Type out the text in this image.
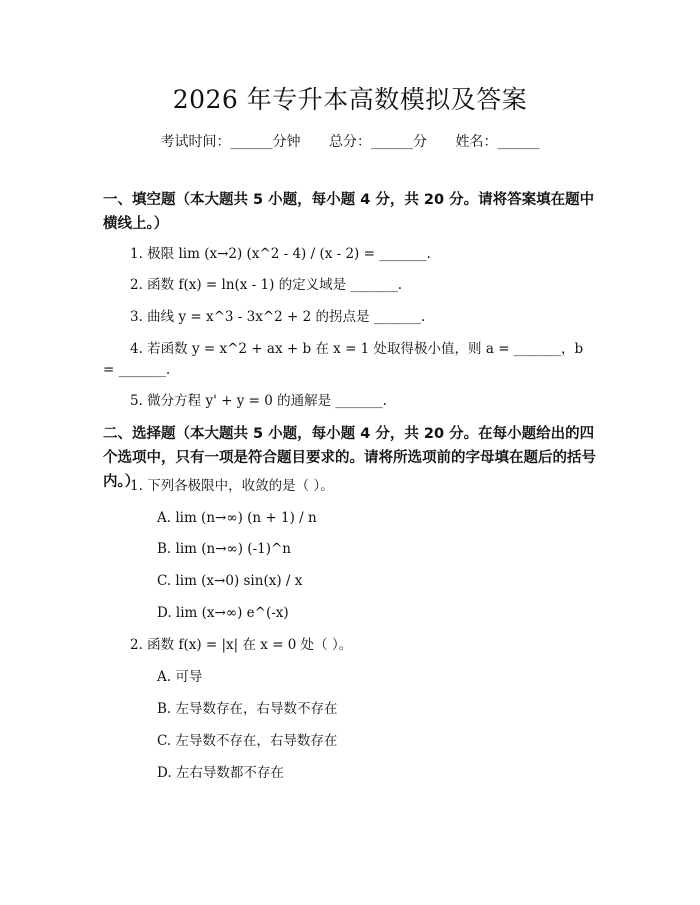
2026 年专升本高数模拟及答案
考试时间：______分钟 总分：______分 姓名：______
一、填空题（本大题共 5 小题，每小题 4 分，共 20 分。请将答案填在题中横线上。）
1. 极限 lim (x→2) (x^2 - 4) / (x - 2) = _______.
2. 函数 f(x) = ln(x - 1) 的定义域是 _______.
3. 曲线 y = x^3 - 3x^2 + 2 的拐点是 _______.
4. 若函数 y = x^2 + ax + b 在 x = 1 处取得极小值，则 a = _______，b
= _______.
5. 微分方程 y' + y = 0 的通解是 _______.
二、选择题（本大题共 5 小题，每小题 4 分，共 20 分。在每小题给出的四个选项中，只有一项是符合题目要求的。请将所选项前的字母填在题后的括号内。）
1. 下列各极限中，收敛的是（ ）。
A. lim (n→∞) (n + 1) / n
B. lim (n→∞) (-1)^n
C. lim (x→0) sin(x) / x
D. lim (x→∞) e^(-x)
2. 函数 f(x) = |x| 在 x = 0 处（ ）。
A. 可导
B. 左导数存在，右导数不存在
C. 左导数不存在，右导数存在
D. 左右导数都不存在
